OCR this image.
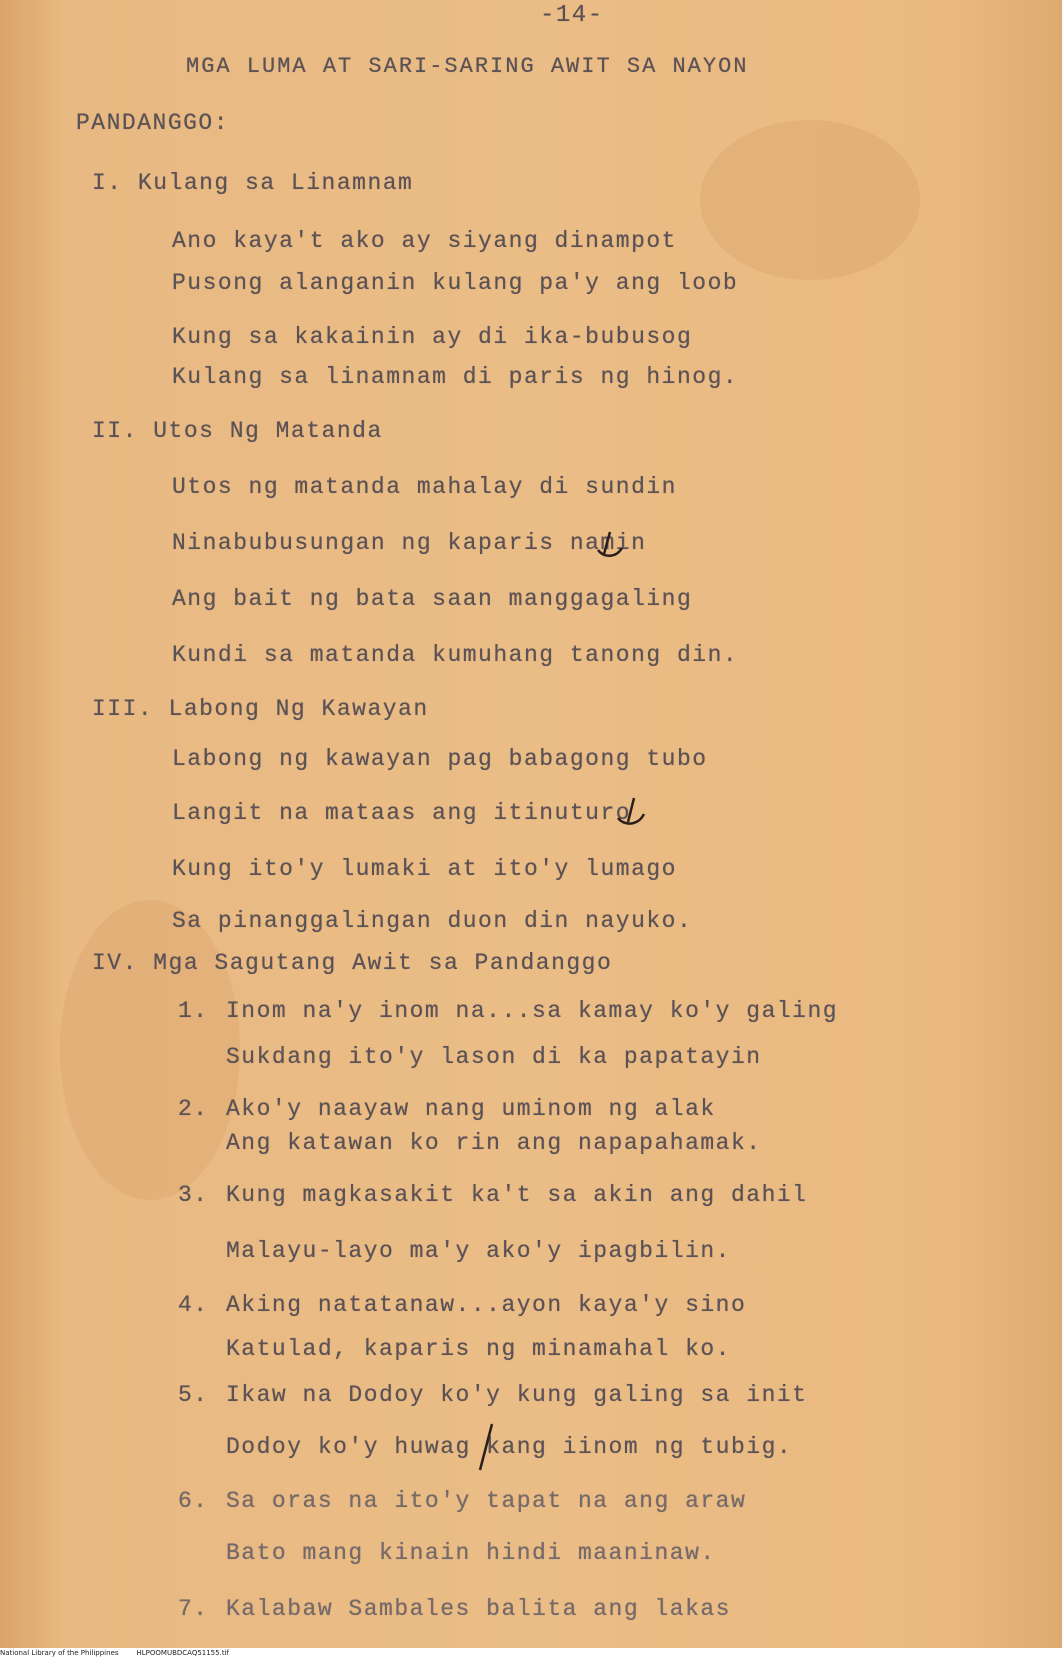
-14-
MGA LUMA AT SARI-SARING AWIT SA NAYON
PANDANGGO:
I. Kulang sa Linamnam
Ano kaya't ako ay siyang dinampot
Pusong alanganin kulang pa'y ang loob
Kung sa kakainin ay di ika-bubusog
Kulang sa linamnam di paris ng hinog.
II. Utos Ng Matanda
Utos ng matanda mahalay di sundin
Ninabubusungan ng kaparis namin
Ang bait ng bata saan manggagaling
Kundi sa matanda kumuhang tanong din.
III. Labong Ng Kawayan
Labong ng kawayan pag babagong tubo
Langit na mataas ang itinuturo
Kung ito'y lumaki at ito'y lumago
Sa pinanggalingan duon din nayuko.
IV. Mga Sagutang Awit sa Pandanggo
1. Inom na'y inom na...sa kamay ko'y galing
Sukdang ito'y lason di ka papatayin
2. Ako'y naayaw nang uminom ng alak
Ang katawan ko rin ang napapahamak.
3. Kung magkasakit ka't sa akin ang dahil
Malayu-layo ma'y ako'y ipagbilin.
4. Aking natatanaw...ayon kaya'y sino
Katulad, kaparis ng minamahal ko.
5. Ikaw na Dodoy ko'y kung galing sa init
Dodoy ko'y huwag kang iinom ng tubig.
6. Sa oras na ito'y tapat na ang araw
Bato mang kinain hindi maaninaw.
7. Kalabaw Sambales balita ang lakas
National Library of the Philippines	HLPOOMUBDCAQ51155.tif
